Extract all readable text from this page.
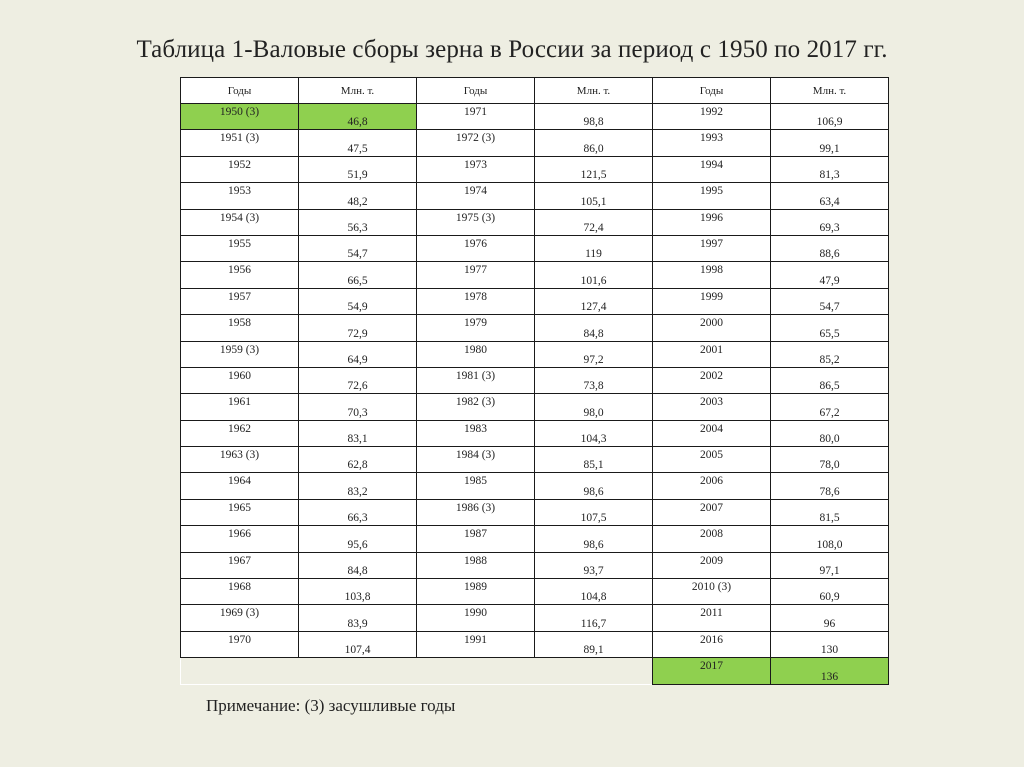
Таблица 1-Валовые сборы зерна в России за период с 1950 по 2017 гг.
Годы	Млн. т.	Годы	Млн. т.	Годы	Млн. т.
1950 (3)	46,8	1971	98,8	1992	106,9
1951 (3)	47,5	1972 (3)	86,0	1993	99,1
1952	51,9	1973	121,5	1994	81,3
1953	48,2	1974	105,1	1995	63,4
1954 (3)	56,3	1975 (3)	72,4	1996	69,3
1955	54,7	1976	119	1997	88,6
1956	66,5	1977	101,6	1998	47,9
1957	54,9	1978	127,4	1999	54,7
1958	72,9	1979	84,8	2000	65,5
1959 (3)	64,9	1980	97,2	2001	85,2
1960	72,6	1981 (3)	73,8	2002	86,5
1961	70,3	1982 (3)	98,0	2003	67,2
1962	83,1	1983	104,3	2004	80,0
1963 (3)	62,8	1984 (3)	85,1	2005	78,0
1964	83,2	1985	98,6	2006	78,6
1965	66,3	1986 (3)	107,5	2007	81,5
1966	95,6	1987	98,6	2008	108,0
1967	84,8	1988	93,7	2009	97,1
1968	103,8	1989	104,8	2010 (3)	60,9
1969 (3)	83,9	1990	116,7	2011	96
1970	107,4	1991	89,1	2016	130
				2017	136
Примечание: (3) засушливые годы
